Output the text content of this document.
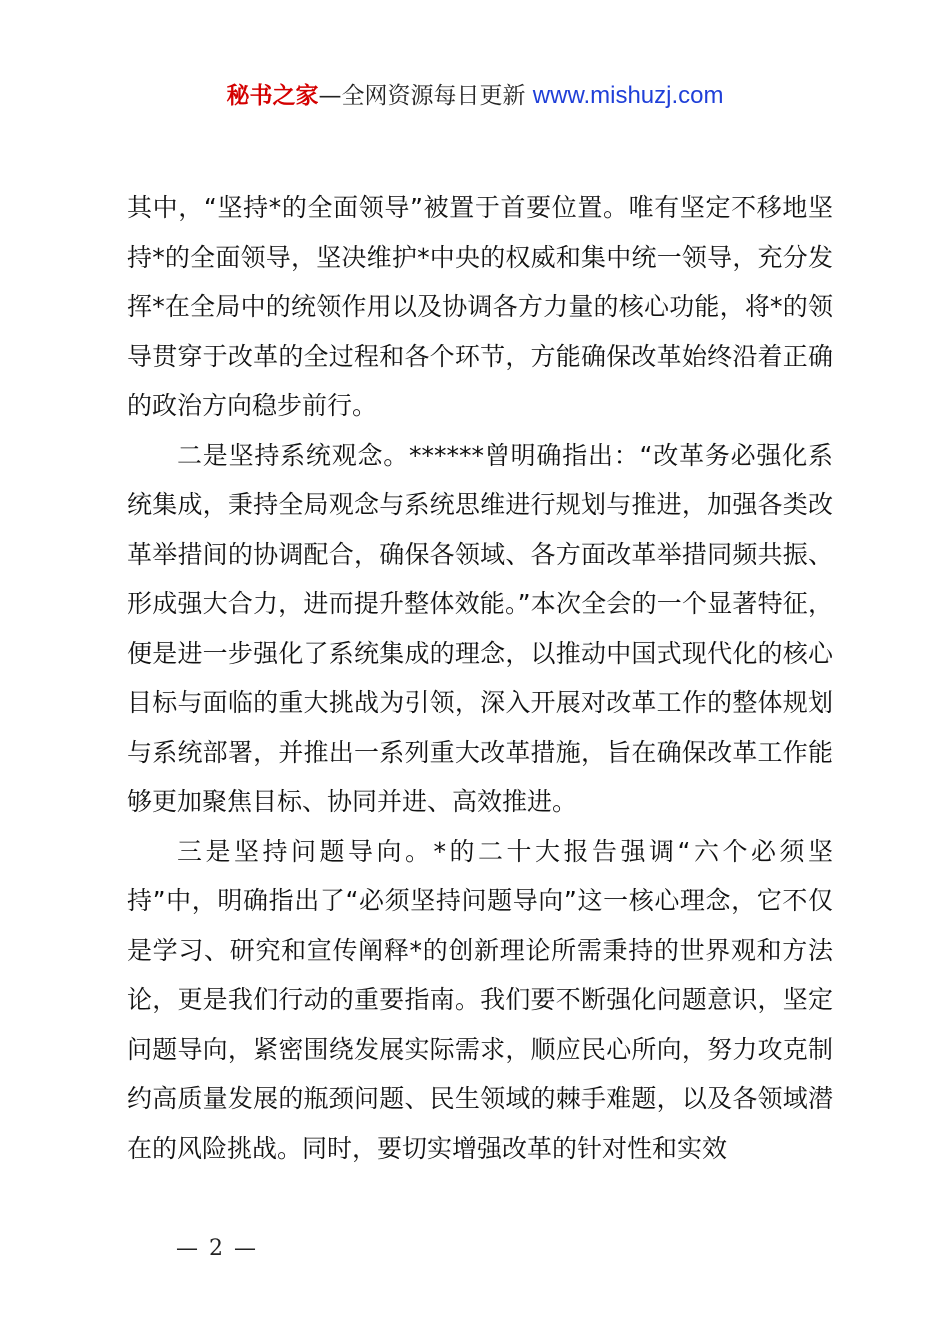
秘书之家—全网资源每日更新 www.mishuzj.com

其中，“坚持*的全面领导”被置于首要位置。唯有坚定不移地坚持*的全面领导，坚决维护*中央的权威和集中统一领导，充分发挥*在全局中的统领作用以及协调各方力量的核心功能，将*的领导贯穿于改革的全过程和各个环节，方能确保改革始终沿着正确的政治方向稳步前行。

二是坚持系统观念。******曾明确指出：“改革务必强化系统集成，秉持全局观念与系统思维进行规划与推进，加强各类改革举措间的协调配合，确保各领域、各方面改革举措同频共振、形成强大合力，进而提升整体效能。”本次全会的一个显著特征，便是进一步强化了系统集成的理念，以推动中国式现代化的核心目标与面临的重大挑战为引领，深入开展对改革工作的整体规划与系统部署，并推出一系列重大改革措施，旨在确保改革工作能够更加聚焦目标、协同并进、高效推进。

三是坚持问题导向。*的二十大报告强调“六个必须坚持”中，明确指出了“必须坚持问题导向”这一核心理念，它不仅是学习、研究和宣传阐释*的创新理论所需秉持的世界观和方法论，更是我们行动的重要指南。我们要不断强化问题意识，坚定问题导向，紧密围绕发展实际需求，顺应民心所向，努力攻克制约高质量发展的瓶颈问题、民生领域的棘手难题，以及各领域潜在的风险挑战。同时，要切实增强改革的针对性和实效

— 2 —
